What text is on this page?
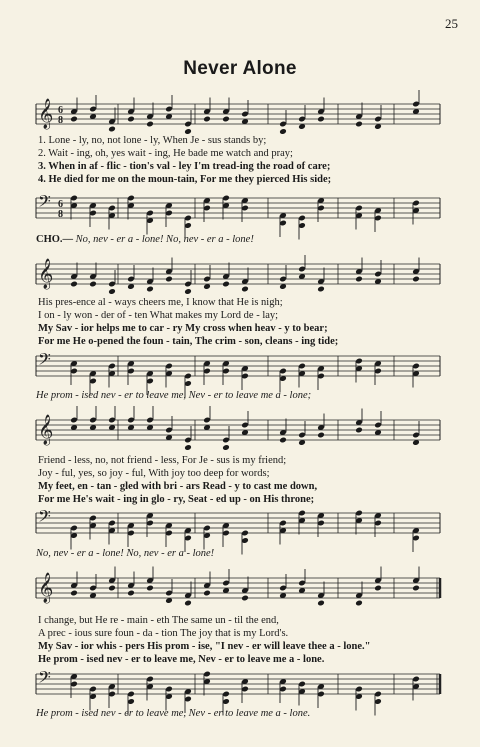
25
Never Alone
𝄞 6
8
1. Lone - ly, no, not lone - ly, When Je - sus stands by;
2. Wait - ing, oh, yes wait - ing, He bade me watch and pray;
3. When in af - flic - tion's val - ley I'm tread-ing the road of care;
4. He died for me on the moun-tain, For me they pierced His side;
𝄢 6
8
CHO.— No, nev - er a - lone! No, nev - er a - lone!
𝄞
His pres-ence al - ways cheers me, I know that He is nigh;
I on - ly won - der of - ten What makes my Lord de - lay;
My Sav - ior helps me to car - ry My cross when heav - y to bear;
For me He o-pened the foun - tain, The crim - son, cleans - ing tide;
𝄢
He prom - ised nev - er to leave me, Nev - er to leave me a - lone;
𝄞
Friend - less, no, not friend - less, For Je - sus is my friend;
Joy - ful, yes, so joy - ful, With joy too deep for words;
My feet, en - tan - gled with bri - ars Read - y to cast me down,
For me He's wait - ing in glo - ry, Seat - ed up - on His throne;
𝄢
No, nev - er a - lone! No, nev - er a - lone!
𝄞
I change, but He re - main - eth The same un - til the end,
A prec - ious sure foun - da - tion The joy that is my Lord's.
My Sav - ior whis - pers His prom - ise, "I nev - er will leave thee a - lone."
He prom - ised nev - er to leave me, Nev - er to leave me a - lone.
𝄢
He prom - ised nev - er to leave me, Nev - er to leave me a - lone.
